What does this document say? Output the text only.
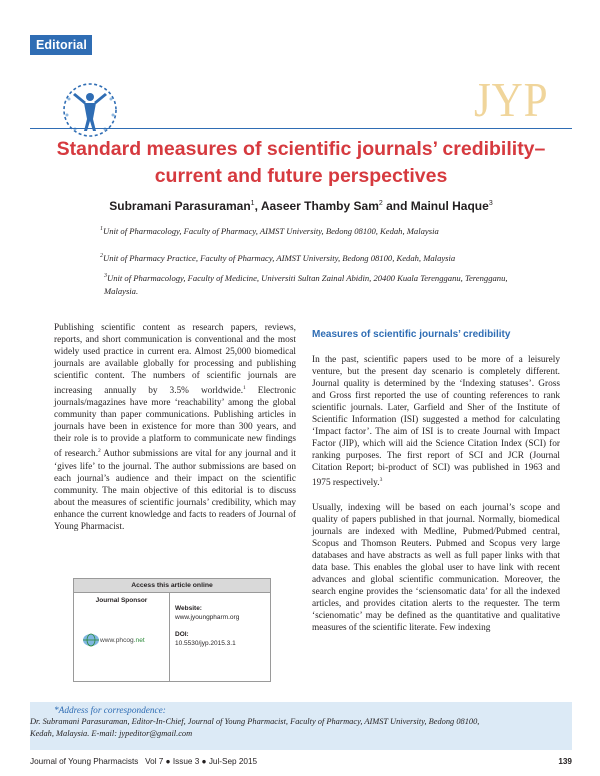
Editorial
JYP
Standard measures of scientific journals’ credibility–
current and future perspectives
Subramani Parasuraman$^1$, Aaseer Thamby Sam$^2$ and Mainul Haque$^3$
$^1$Unit of Pharmacology, Faculty of Pharmacy, AIMST University, Bedong 08100, Kedah, Malaysia
$^2$Unit of Pharmacy Practice, Faculty of Pharmacy, AIMST University, Bedong 08100, Kedah, Malaysia
$^3$Unit of Pharmacology, Faculty of Medicine, Universiti Sultan Zainal Abidin, 20400 Kuala Terengganu, Terengganu, Malaysia.
Publishing scientific content as research papers, reviews, reports, and short communication is conventional and the most widely used practice in current era. Almost 25,000 biomedical journals are available globally for processing and publishing scientific content. The numbers of scientific journals are increasing annually by 3.5% worldwide.$^1$ Electronic journals/magazines have more ‘reachability’ among the global community than paper communications. Publishing articles in journals have been in existence for more than 300 years, and their role is to provide a platform to communicate new findings of research.$^2$ Author submissions are vital for any journal and it ‘gives life’ to the journal. The author submissions are based on each journal’s audience and their impact on the scientific community. The main objective of this editorial is to discuss about the measures of scientific journals’ credibility, which may enhance the current knowledge and facts to readers of Journal of Young Pharmacist.
Measures of scientific journals’ credibility

In the past, scientific papers used to be more of a leisurely venture, but the present day scenario is completely different. Journal quality is determined by the ‘Indexing statuses’. Gross and Gross first reported the use of counting references to rank scientific journals. Later, Garfield and Sher of the Institute of Scientific Information (ISI) suggested a method for calculating ‘Impact factor’. The aim of ISI is to create Journal with Impact Factor (JIP), which will aid the Science Citation Index (SCI) for ranking purposes. The first report of SCI and JCR (Journal Citation Report; bi-product of SCI) was published in 1963 and 1975 respectively.$^3$

Usually, indexing will be based on each journal’s scope and quality of papers published in that journal. Normally, biomedical journals are indexed with Medline, Pubmed/Pubmed central, Scopus and Thomson Reuters. Pubmed and Scopus very large databases and have abstracts as well as full paper links with that data base. This enables the global user to have link with recent advances and global scientific communication. Moreover, the search engine provides the ‘sciensomatic data’ for all the indexed articles, and provides citation alerts to the requester. The term ‘scienomatic’ may be defined as the quantitative and qualitative measures of the scientific literate. Few indexing

Access this article online
Journal Sponsor
www.phcog.net
Website:
www.jyoungpharm.org
DOI:
10.5530/jyp.2015.3.1
*Address for correspondence:
Dr. Subramani Parasuraman, Editor-In-Chief, Journal of Young Pharmacist, Faculty of Pharmacy, AIMST University, Bedong 08100,
Kedah, Malaysia. E-mail: jypeditor@gmail.com
Journal of Young Pharmacists Vol 7 ● Issue 3 ● Jul-Sep 2015	139
